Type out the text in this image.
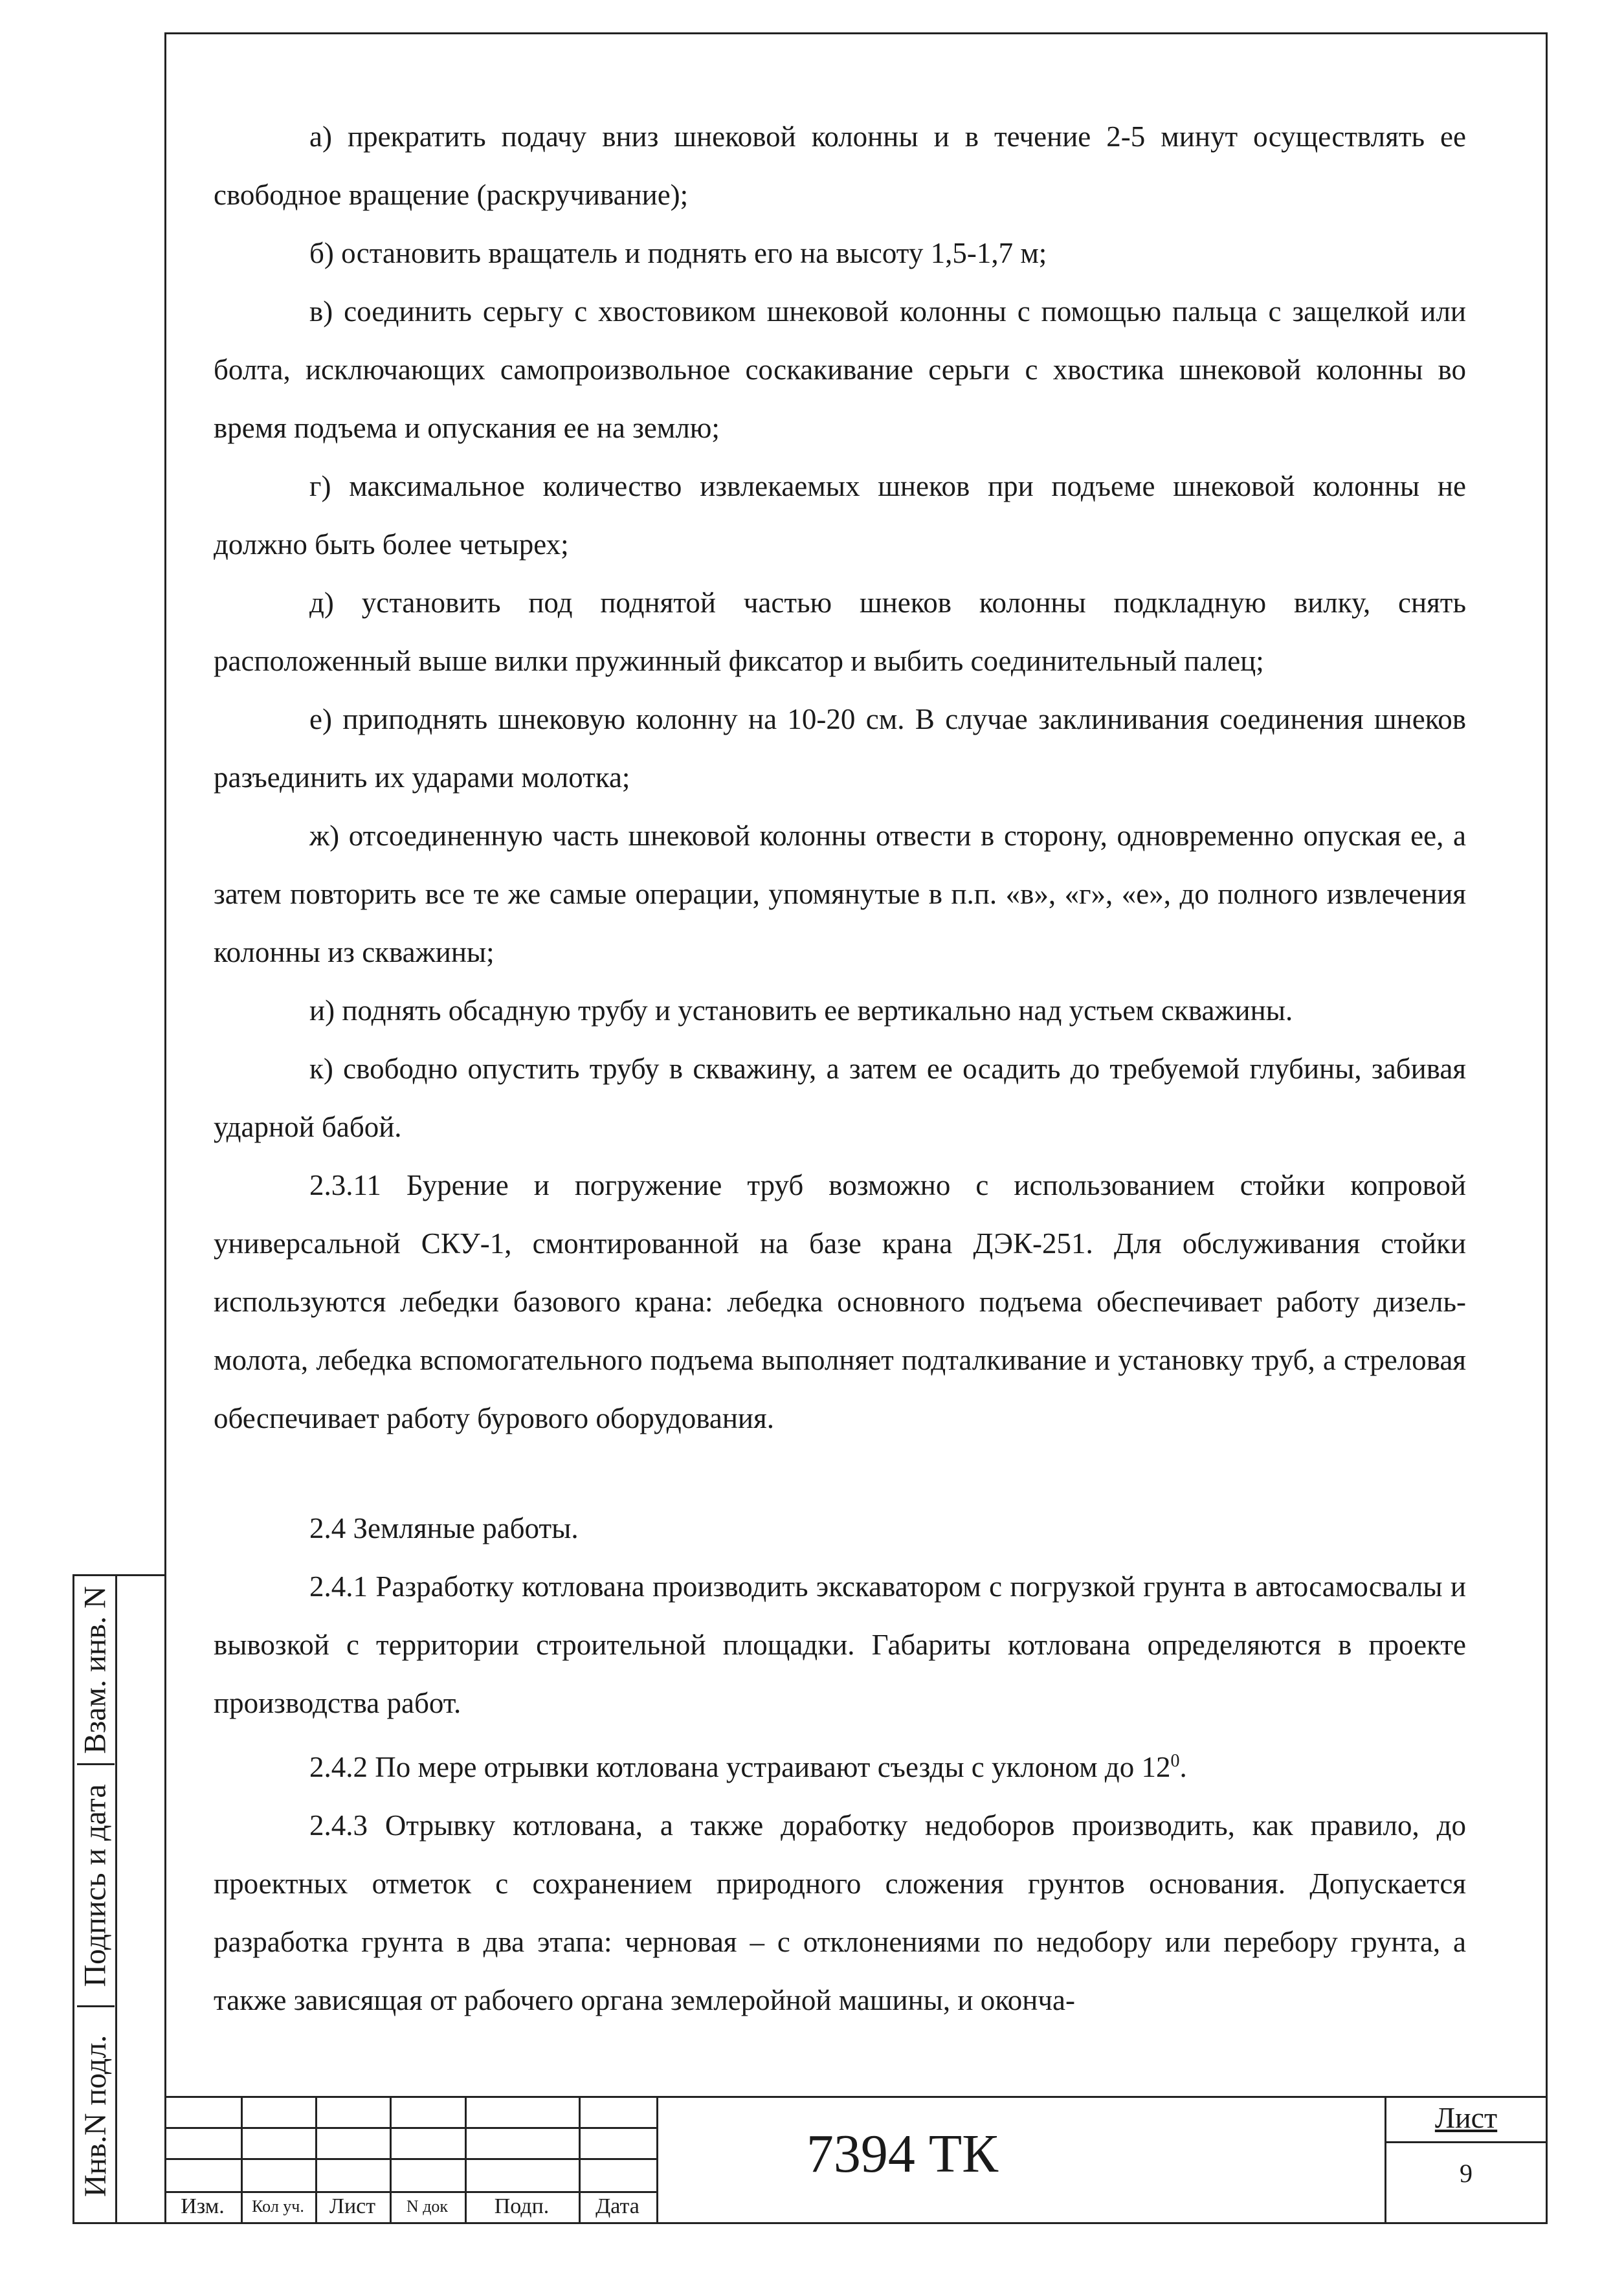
Взам. инв. N
Подпись и дата
Инв.N подл.

а) прекратить подачу вниз шнековой колонны и в течение 2-5 минут осуществлять ее свободное вращение (раскручивание);

б) остановить вращатель и поднять его на высоту 1,5-1,7 м;

в) соединить серьгу с хвостовиком шнековой колонны с помощью пальца с защелкой или болта, исключающих самопроизвольное соскакивание серьги с хвостика шнековой колонны во время подъема и опускания ее на землю;

г) максимальное количество извлекаемых шнеков при подъеме шнековой колонны не должно быть более четырех;

д) установить под поднятой частью шнеков колонны подкладную вилку, снять расположенный выше вилки пружинный фиксатор и выбить соединительный палец;

е) приподнять шнековую колонну на 10-20 см. В случае заклинивания соединения шнеков разъединить их ударами молотка;

ж) отсоединенную часть шнековой колонны отвести в сторону, одновременно опуская ее, а затем повторить все те же самые операции, упомянутые в п.п. «в», «г», «е», до полного извлечения колонны из скважины;

и) поднять обсадную трубу и установить ее вертикально над устьем скважины.

к) свободно опустить трубу в скважину, а затем ее осадить до требуемой глубины, забивая ударной бабой.

2.3.11 Бурение и погружение труб возможно с использованием стойки копровой универсальной СКУ-1, смонтированной на базе крана ДЭК-251. Для обслуживания стойки используются лебедки базового крана: лебедка основного подъема обеспечивает работу дизель-молота, лебедка вспомогательного подъема выполняет подталкивание и установку труб, а стреловая обеспечивает работу бурового оборудования.

2.4 Земляные работы.

2.4.1 Разработку котлована производить экскаватором с погрузкой грунта в автосамосвалы и вывозкой с территории строительной площадки. Габариты котлована определяются в проекте производства работ.

2.4.2 По мере отрывки котлована устраивают съезды с уклоном до $12^0$.

2.4.3 Отрывку котлована, а также доработку недоборов производить, как правило, до проектных отметок с сохранением природного сложения грунтов основания. Допускается разработка грунта в два этапа: черновая – с отклонениями по недобору или перебору грунта, а также зависящая от рабочего органа землеройной машины, и оконча-

Изм.	Кол уч.	Лист	N док	Подп.	Дата
7394 ТК
Лист
9
